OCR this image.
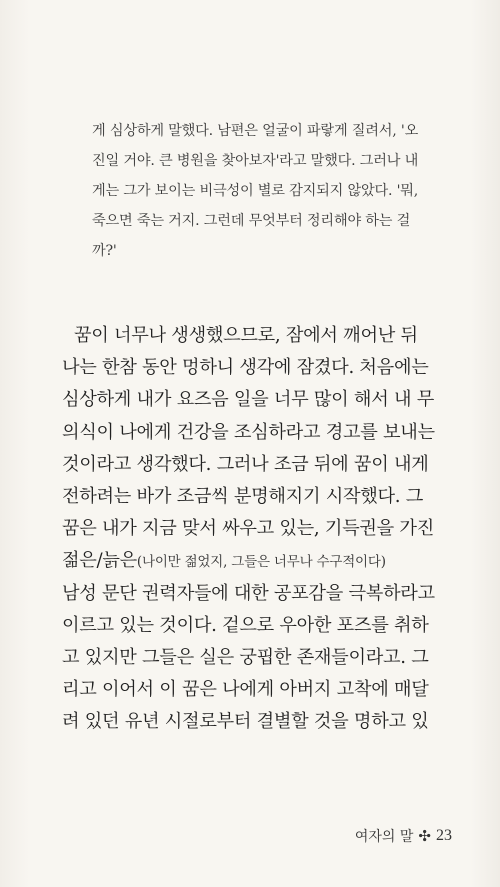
게 심상하게 말했다. 남편은 얼굴이 파랗게 질려서, '오
진일 거야. 큰 병원을 찾아보자'라고 말했다. 그러나 내
게는 그가 보이는 비극성이 별로 감지되지 않았다. '뭐,
죽으면 죽는 거지. 그런데 무엇부터 정리해야 하는 걸
까?'
꿈이 너무나 생생했으므로, 잠에서 깨어난 뒤
나는 한참 동안 멍하니 생각에 잠겼다. 처음에는
심상하게 내가 요즈음 일을 너무 많이 해서 내 무
의식이 나에게 건강을 조심하라고 경고를 보내는
것이라고 생각했다. 그러나 조금 뒤에 꿈이 내게
전하려는 바가 조금씩 분명해지기 시작했다. 그
꿈은 내가 지금 맞서 싸우고 있는, 기득권을 가진
젊은/늙은(나이만 젊었지, 그들은 너무나 수구적이다)
남성 문단 권력자들에 대한 공포감을 극복하라고
이르고 있는 것이다. 겉으로 우아한 포즈를 취하
고 있지만 그들은 실은 궁핍한 존재들이라고. 그
리고 이어서 이 꿈은 나에게 아버지 고착에 매달
려 있던 유년 시절로부터 결별할 것을 명하고 있
여자의 말 ✣ 23
